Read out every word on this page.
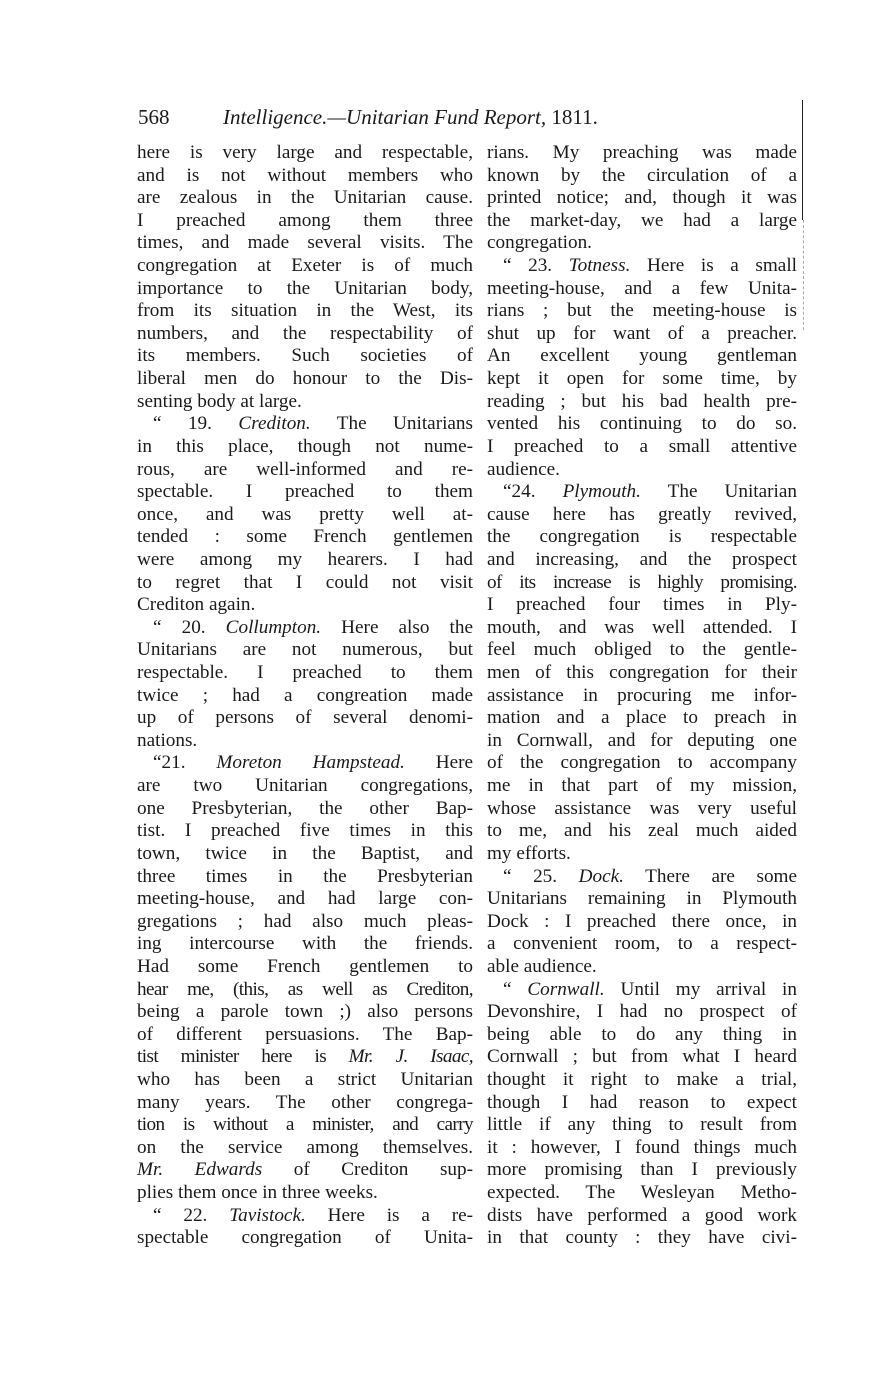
568	Intelligence.—Unitarian Fund Report, 1811.
here is very large and respectable,
and is not without members who
are zealous in the Unitarian cause.
I preached among them three
times, and made several visits. The
congregation at Exeter is of much
importance to the Unitarian body,
from its situation in the West, its
numbers, and the respectability of
its members. Such societies of
liberal men do honour to the Dis-
senting body at large.
“ 19. Crediton. The Unitarians
in this place, though not nume-
rous, are well-informed and re-
spectable. I preached to them
once, and was pretty well at-
tended : some French gentlemen
were among my hearers. I had
to regret that I could not visit
Crediton again.
“ 20. Collumpton. Here also the
Unitarians are not numerous, but
respectable. I preached to them
twice ; had a congreation made
up of persons of several denomi-
nations.
“21. Moreton Hampstead. Here
are two Unitarian congregations,
one Presbyterian, the other Bap-
tist. I preached five times in this
town, twice in the Baptist, and
three times in the Presbyterian
meeting-house, and had large con-
gregations ; had also much pleas-
ing intercourse with the friends.
Had some French gentlemen to
hear me, (this, as well as Crediton,
being a parole town ;) also persons
of different persuasions. The Bap-
tist minister here is Mr. J. Isaac,
who has been a strict Unitarian
many years. The other congrega-
tion is without a minister, and carry
on the service among themselves.
Mr. Edwards of Crediton sup-
plies them once in three weeks.
“ 22. Tavistock. Here is a re-
spectable congregation of Unita-
rians. My preaching was made
known by the circulation of a
printed notice; and, though it was
the market-day, we had a large
congregation.
“ 23. Totness. Here is a small
meeting-house, and a few Unita-
rians ; but the meeting-house is
shut up for want of a preacher.
An excellent young gentleman
kept it open for some time, by
reading ; but his bad health pre-
vented his continuing to do so.
I preached to a small attentive
audience.
“24. Plymouth. The Unitarian
cause here has greatly revived,
the congregation is respectable
and increasing, and the prospect
of its increase is highly promising.
I preached four times in Ply-
mouth, and was well attended. I
feel much obliged to the gentle-
men of this congregation for their
assistance in procuring me infor-
mation and a place to preach in
in Cornwall, and for deputing one
of the congregation to accompany
me in that part of my mission,
whose assistance was very useful
to me, and his zeal much aided
my efforts.
“ 25. Dock. There are some
Unitarians remaining in Plymouth
Dock : I preached there once, in
a convenient room, to a respect-
able audience.
“ Cornwall. Until my arrival in
Devonshire, I had no prospect of
being able to do any thing in
Cornwall ; but from what I heard
thought it right to make a trial,
though I had reason to expect
little if any thing to result from
it : however, I found things much
more promising than I previously
expected. The Wesleyan Metho-
dists have performed a good work
in that county : they have civi-
